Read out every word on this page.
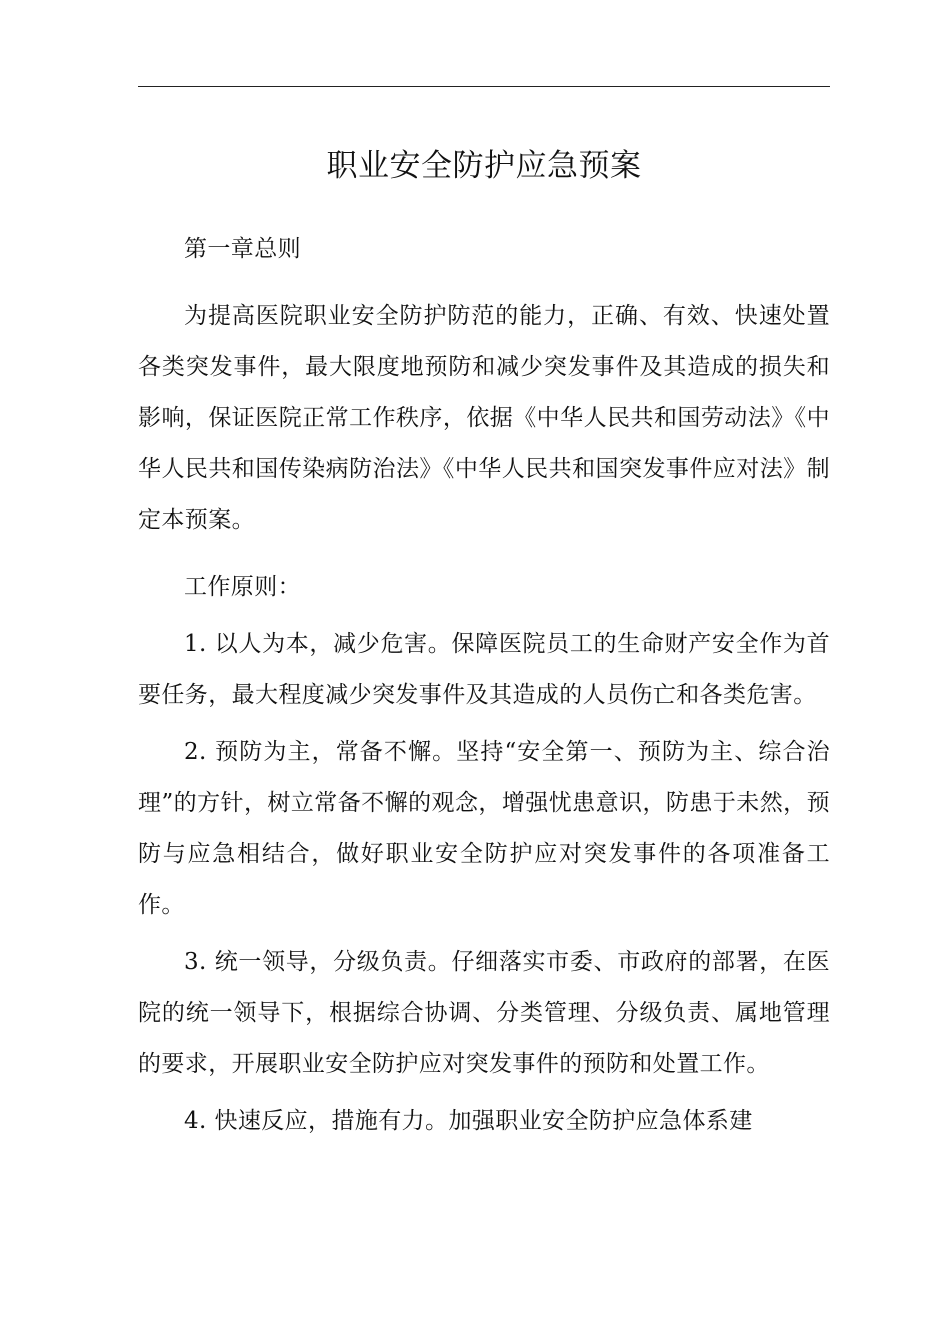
职业安全防护应急预案

第一章总则

为提高医院职业安全防护防范的能力，正确、有效、快速处置各类突发事件，最大限度地预防和减少突发事件及其造成的损失和影响，保证医院正常工作秩序，依据《中华人民共和国劳动法》《中华人民共和国传染病防治法》《中华人民共和国突发事件应对法》制定本预案。

工作原则：

1. 以人为本，减少危害。保障医院员工的生命财产安全作为首要任务，最大程度减少突发事件及其造成的人员伤亡和各类危害。

2. 预防为主，常备不懈。坚持“安全第一、预防为主、综合治理”的方针，树立常备不懈的观念，增强忧患意识，防患于未然，预防与应急相结合，做好职业安全防护应对突发事件的各项准备工作。

3. 统一领导，分级负责。仔细落实市委、市政府的部署，在医院的统一领导下，根据综合协调、分类管理、分级负责、属地管理的要求，开展职业安全防护应对突发事件的预防和处置工作。

4. 快速反应，措施有力。加强职业安全防护应急体系建
